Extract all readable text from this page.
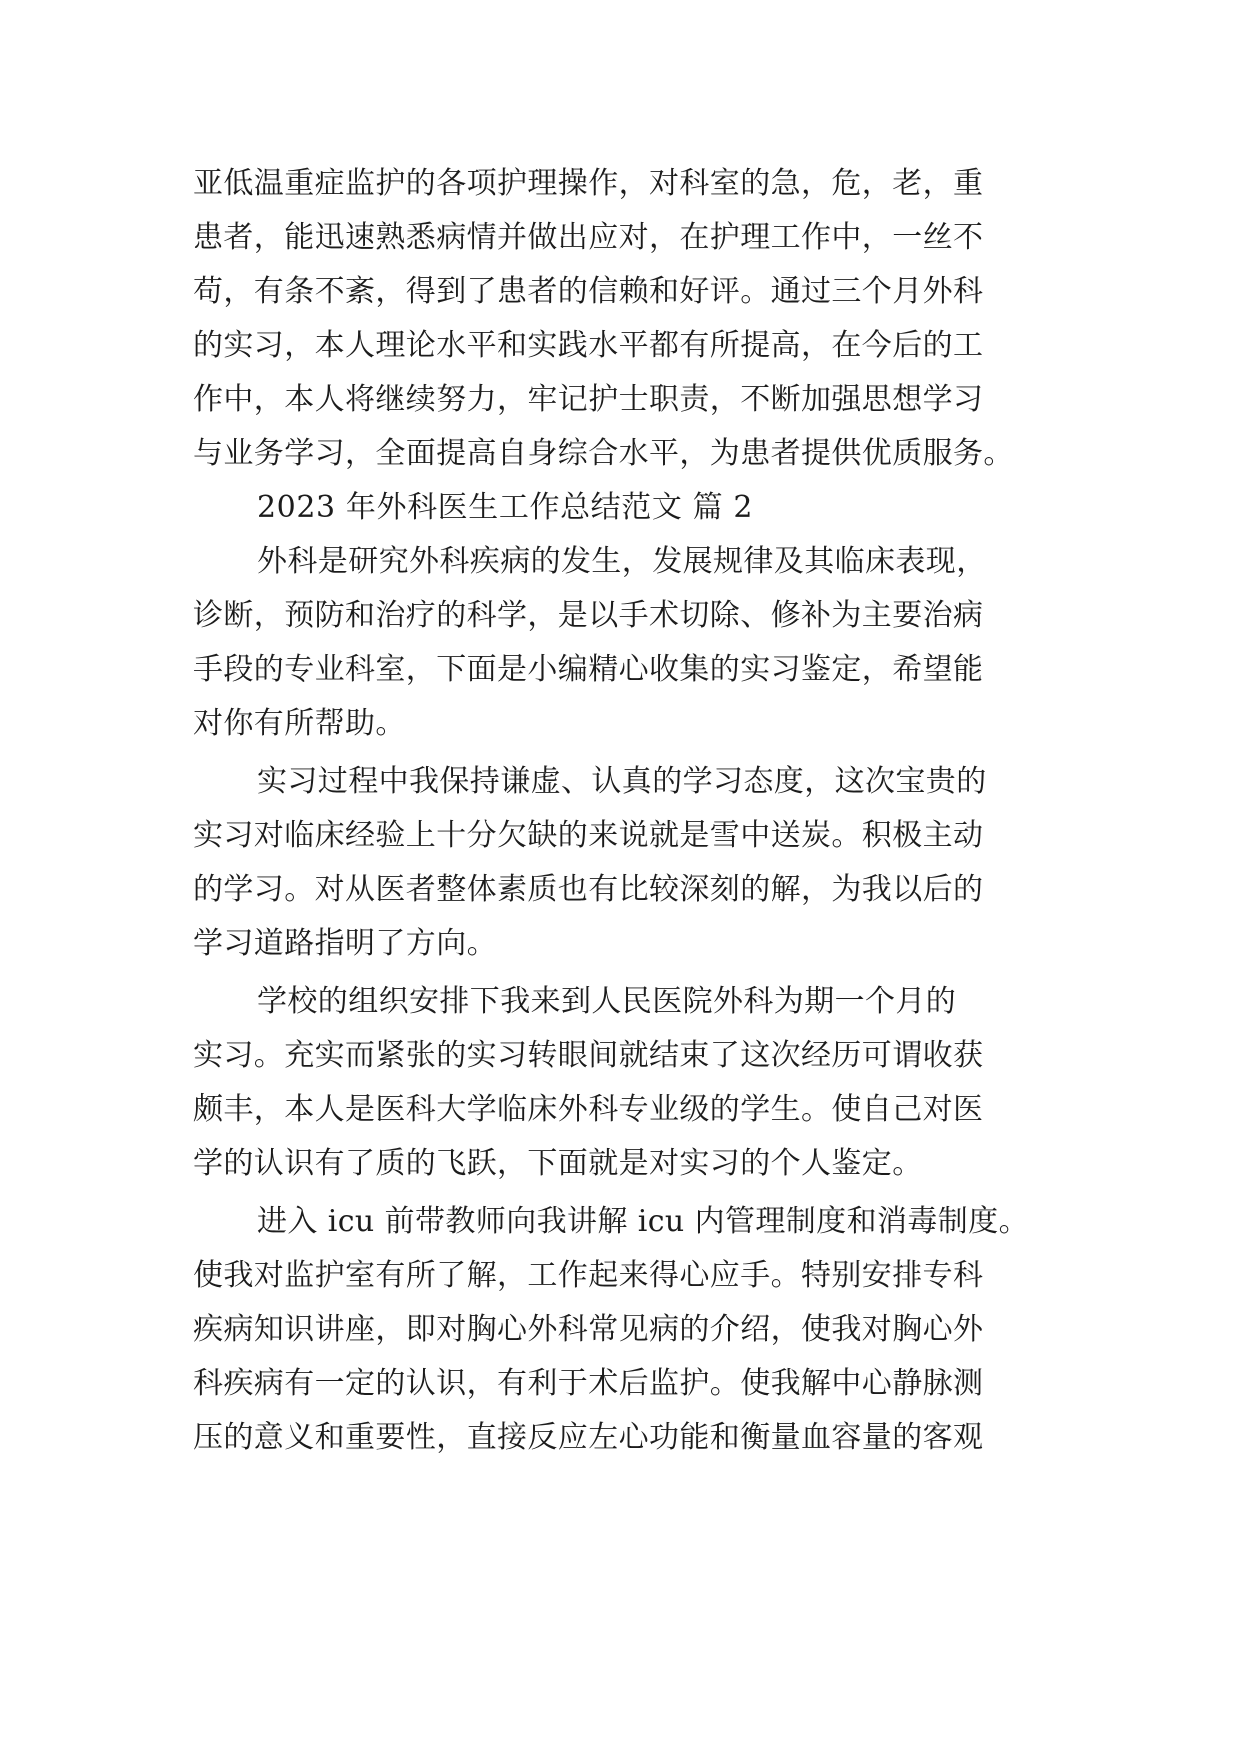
亚低温重症监护的各项护理操作，对科室的急，危，老，重
患者，能迅速熟悉病情并做出应对，在护理工作中，一丝不
苟，有条不紊，得到了患者的信赖和好评。通过三个月外科
的实习，本人理论水平和实践水平都有所提高，在今后的工
作中，本人将继续努力，牢记护士职责，不断加强思想学习
与业务学习，全面提高自身综合水平，为患者提供优质服务。
2023 年外科医生工作总结范文 篇 2
外科是研究外科疾病的发生，发展规律及其临床表现，
诊断，预防和治疗的科学，是以手术切除、修补为主要治病
手段的专业科室，下面是小编精心收集的实习鉴定，希望能
对你有所帮助。
实习过程中我保持谦虚、认真的学习态度，这次宝贵的
实习对临床经验上十分欠缺的来说就是雪中送炭。积极主动
的学习。对从医者整体素质也有比较深刻的解，为我以后的
学习道路指明了方向。
学校的组织安排下我来到人民医院外科为期一个月的
实习。充实而紧张的实习转眼间就结束了这次经历可谓收获
颇丰，本人是医科大学临床外科专业级的学生。使自己对医
学的认识有了质的飞跃，下面就是对实习的个人鉴定。
进入 icu 前带教师向我讲解 icu 内管理制度和消毒制度。
使我对监护室有所了解，工作起来得心应手。特别安排专科
疾病知识讲座，即对胸心外科常见病的介绍，使我对胸心外
科疾病有一定的认识，有利于术后监护。使我解中心静脉测
压的意义和重要性，直接反应左心功能和衡量血容量的客观
